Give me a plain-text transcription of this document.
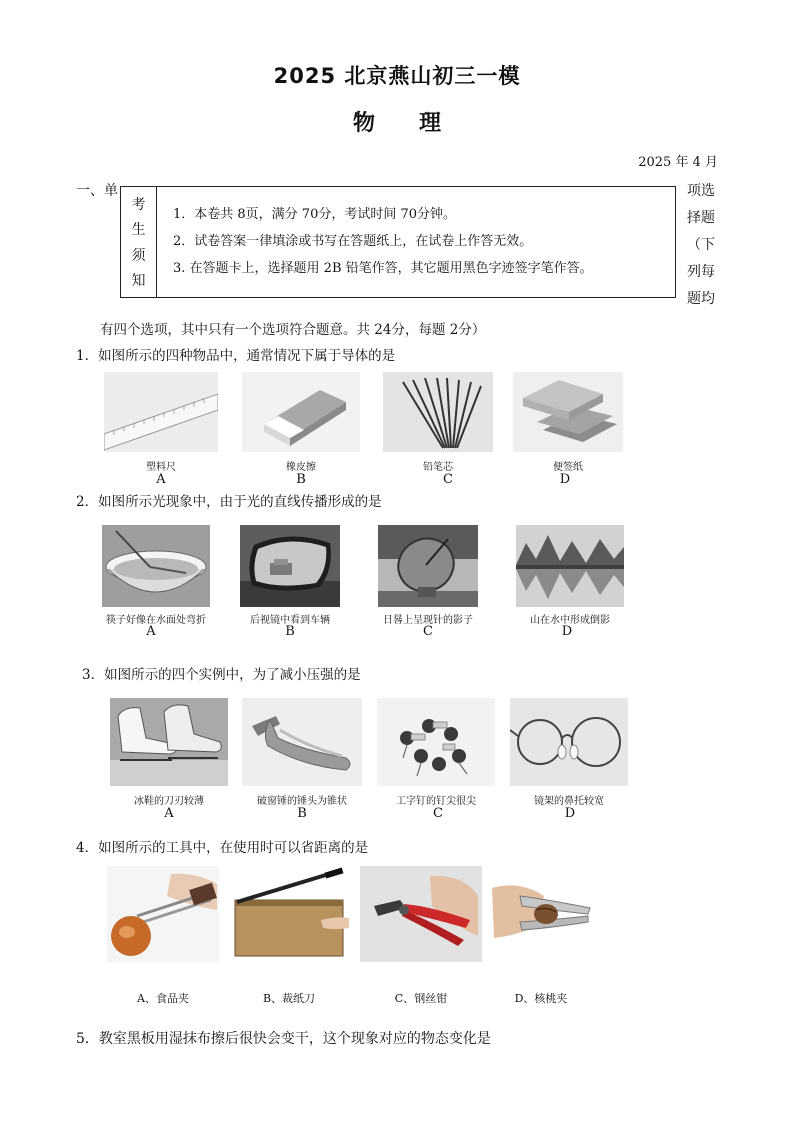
2025 北京燕山初三一模
物 理
2025 年 4 月
一、单	项选
择题
（下
列每
题均
考
生
须
知
1．本卷共 8页，满分 70分，考试时间 70分钟。
2．试卷答案一律填涂或书写在答题纸上，在试卷上作答无效。
3. 在答题卡上，选择题用 2B 铅笔作答，其它题用黑色字迹签字笔作答。
有四个选项，其中只有一个选项符合题意。共 24分，每题 2分）
1．如图所示的四种物品中，通常情况下属于导体的是
塑料尺
A
橡皮擦
B
铅笔芯
C
便签纸
D
2．如图所示光现象中，由于光的直线传播形成的是
筷子好像在水面处弯折
A
后视镜中看到车辆
B
日晷上呈现针的影子
C
山在水中形成倒影
D
3．如图所示的四个实例中，为了减小压强的是
冰鞋的刀刃较薄
A
破窗锤的锤头为锥状
B
工字钉的钉尖很尖
C
镜架的鼻托较宽
D
4．如图所示的工具中，在使用时可以省距离的是
A、食品夹	B、裁纸刀	C、钢丝钳	D、核桃夹
5．教室黑板用湿抹布擦后很快会变干，这个现象对应的物态变化是
